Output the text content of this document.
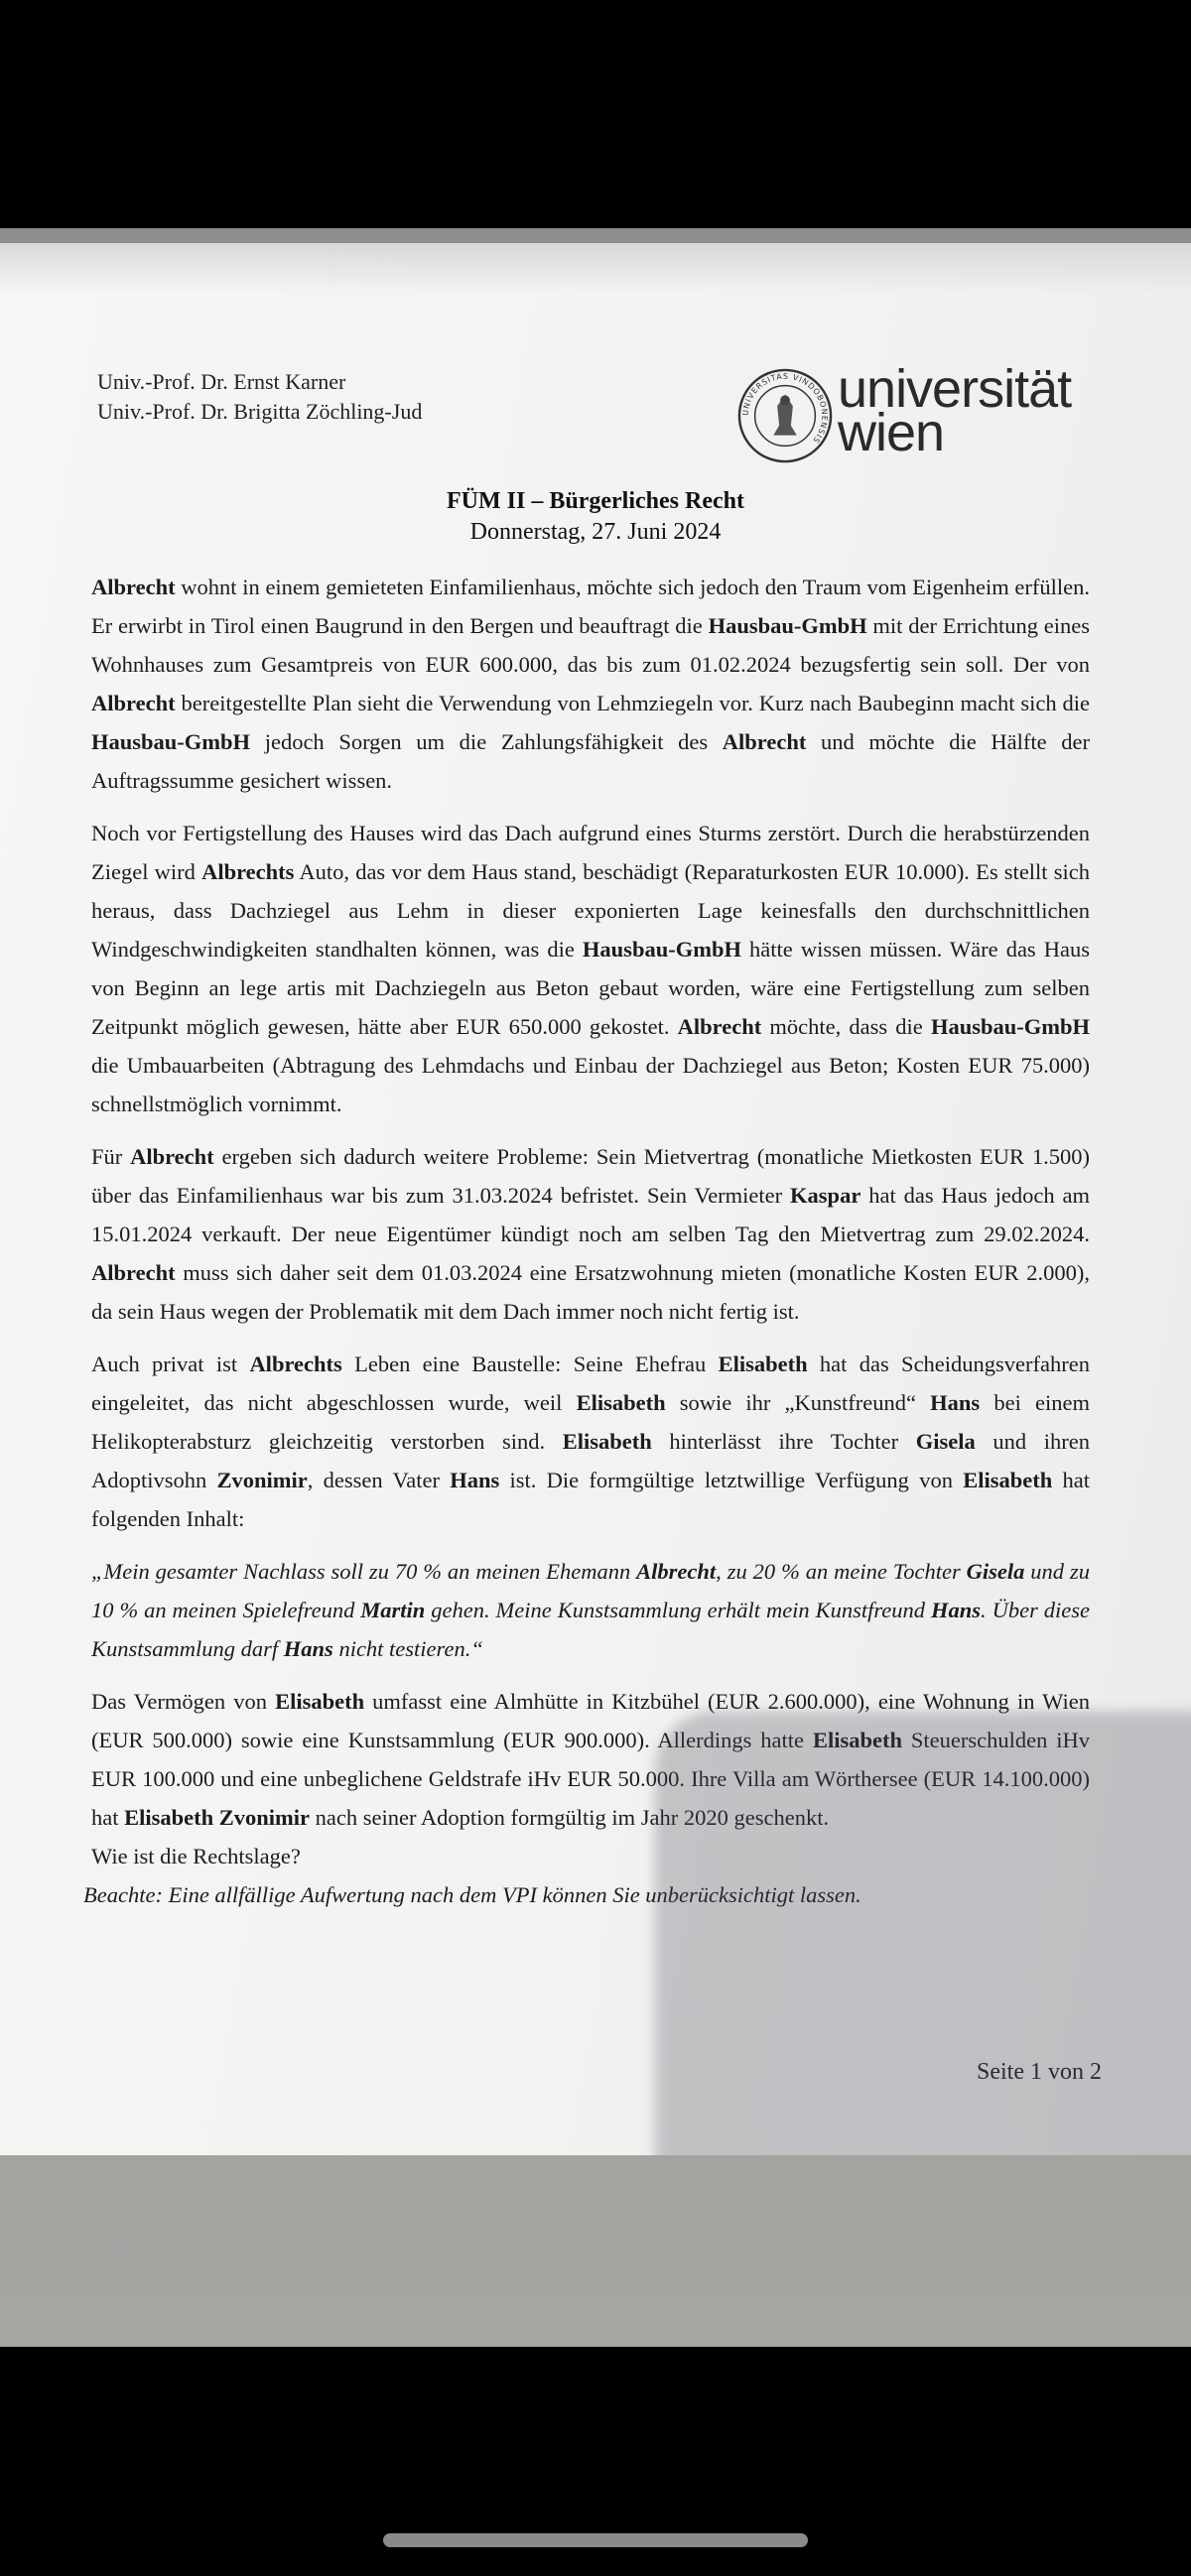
Univ.-Prof. Dr. Ernst Karner
Univ.-Prof. Dr. Brigitta Zöchling-Jud	UNIVERSITAS VINDOBONENSIS
universität
wien
FÜM II – Bürgerliches Recht
Donnerstag, 27. Juni 2024

Albrecht wohnt in einem gemieteten Einfamilienhaus, möchte sich jedoch den Traum vom Eigenheim erfüllen. Er erwirbt in Tirol einen Baugrund in den Bergen und beauftragt die Hausbau-GmbH mit der Errichtung eines Wohnhauses zum Gesamtpreis von EUR 600.000, das bis zum 01.02.2024 bezugsfertig sein soll. Der von Albrecht bereitgestellte Plan sieht die Verwendung von Lehmziegeln vor. Kurz nach Baubeginn macht sich die Hausbau-GmbH jedoch Sorgen um die Zahlungsfähigkeit des Albrecht und möchte die Hälfte der Auftragssumme gesichert wissen.

Noch vor Fertigstellung des Hauses wird das Dach aufgrund eines Sturms zerstört. Durch die herabstürzenden Ziegel wird Albrechts Auto, das vor dem Haus stand, beschädigt (Reparaturkosten EUR 10.000). Es stellt sich heraus, dass Dachziegel aus Lehm in dieser exponierten Lage keinesfalls den durchschnittlichen Windgeschwindigkeiten standhalten können, was die Hausbau-GmbH hätte wissen müssen. Wäre das Haus von Beginn an lege artis mit Dachziegeln aus Beton gebaut worden, wäre eine Fertigstellung zum selben Zeitpunkt möglich gewesen, hätte aber EUR 650.000 gekostet. Albrecht möchte, dass die Hausbau-GmbH die Umbauarbeiten (Abtragung des Lehmdachs und Einbau der Dachziegel aus Beton; Kosten EUR 75.000) schnellstmöglich vornimmt.

Für Albrecht ergeben sich dadurch weitere Probleme: Sein Mietvertrag (monatliche Mietkosten EUR 1.500) über das Einfamilienhaus war bis zum 31.03.2024 befristet. Sein Vermieter Kaspar hat das Haus jedoch am 15.01.2024 verkauft. Der neue Eigentümer kündigt noch am selben Tag den Mietvertrag zum 29.02.2024. Albrecht muss sich daher seit dem 01.03.2024 eine Ersatzwohnung mieten (monatliche Kosten EUR 2.000), da sein Haus wegen der Problematik mit dem Dach immer noch nicht fertig ist.

Auch privat ist Albrechts Leben eine Baustelle: Seine Ehefrau Elisabeth hat das Scheidungsverfahren eingeleitet, das nicht abgeschlossen wurde, weil Elisabeth sowie ihr „Kunstfreund“ Hans bei einem Helikopterabsturz gleichzeitig verstorben sind. Elisabeth hinterlässt ihre Tochter Gisela und ihren Adoptivsohn Zvonimir, dessen Vater Hans ist. Die formgültige letztwillige Verfügung von Elisabeth hat folgenden Inhalt:

„Mein gesamter Nachlass soll zu 70 % an meinen Ehemann Albrecht, zu 20 % an meine Tochter Gisela und zu 10 % an meinen Spielefreund Martin gehen. Meine Kunstsammlung erhält mein Kunstfreund Hans. Über diese Kunstsammlung darf Hans nicht testieren.“

Das Vermögen von Elisabeth umfasst eine Almhütte in Kitzbühel (EUR 2.600.000), eine Wohnung in Wien (EUR 500.000) sowie eine Kunstsammlung (EUR 900.000). Allerdings hatte Elisabeth Steuerschulden iHv EUR 100.000 und eine unbeglichene Geldstrafe iHv EUR 50.000. Ihre Villa am Wörthersee (EUR 14.100.000) hat Elisabeth Zvonimir nach seiner Adoption formgültig im Jahr 2020 geschenkt.

Wie ist die Rechtslage?

Beachte: Eine allfällige Aufwertung nach dem VPI können Sie unberücksichtigt lassen.

Seite 1 von 2
